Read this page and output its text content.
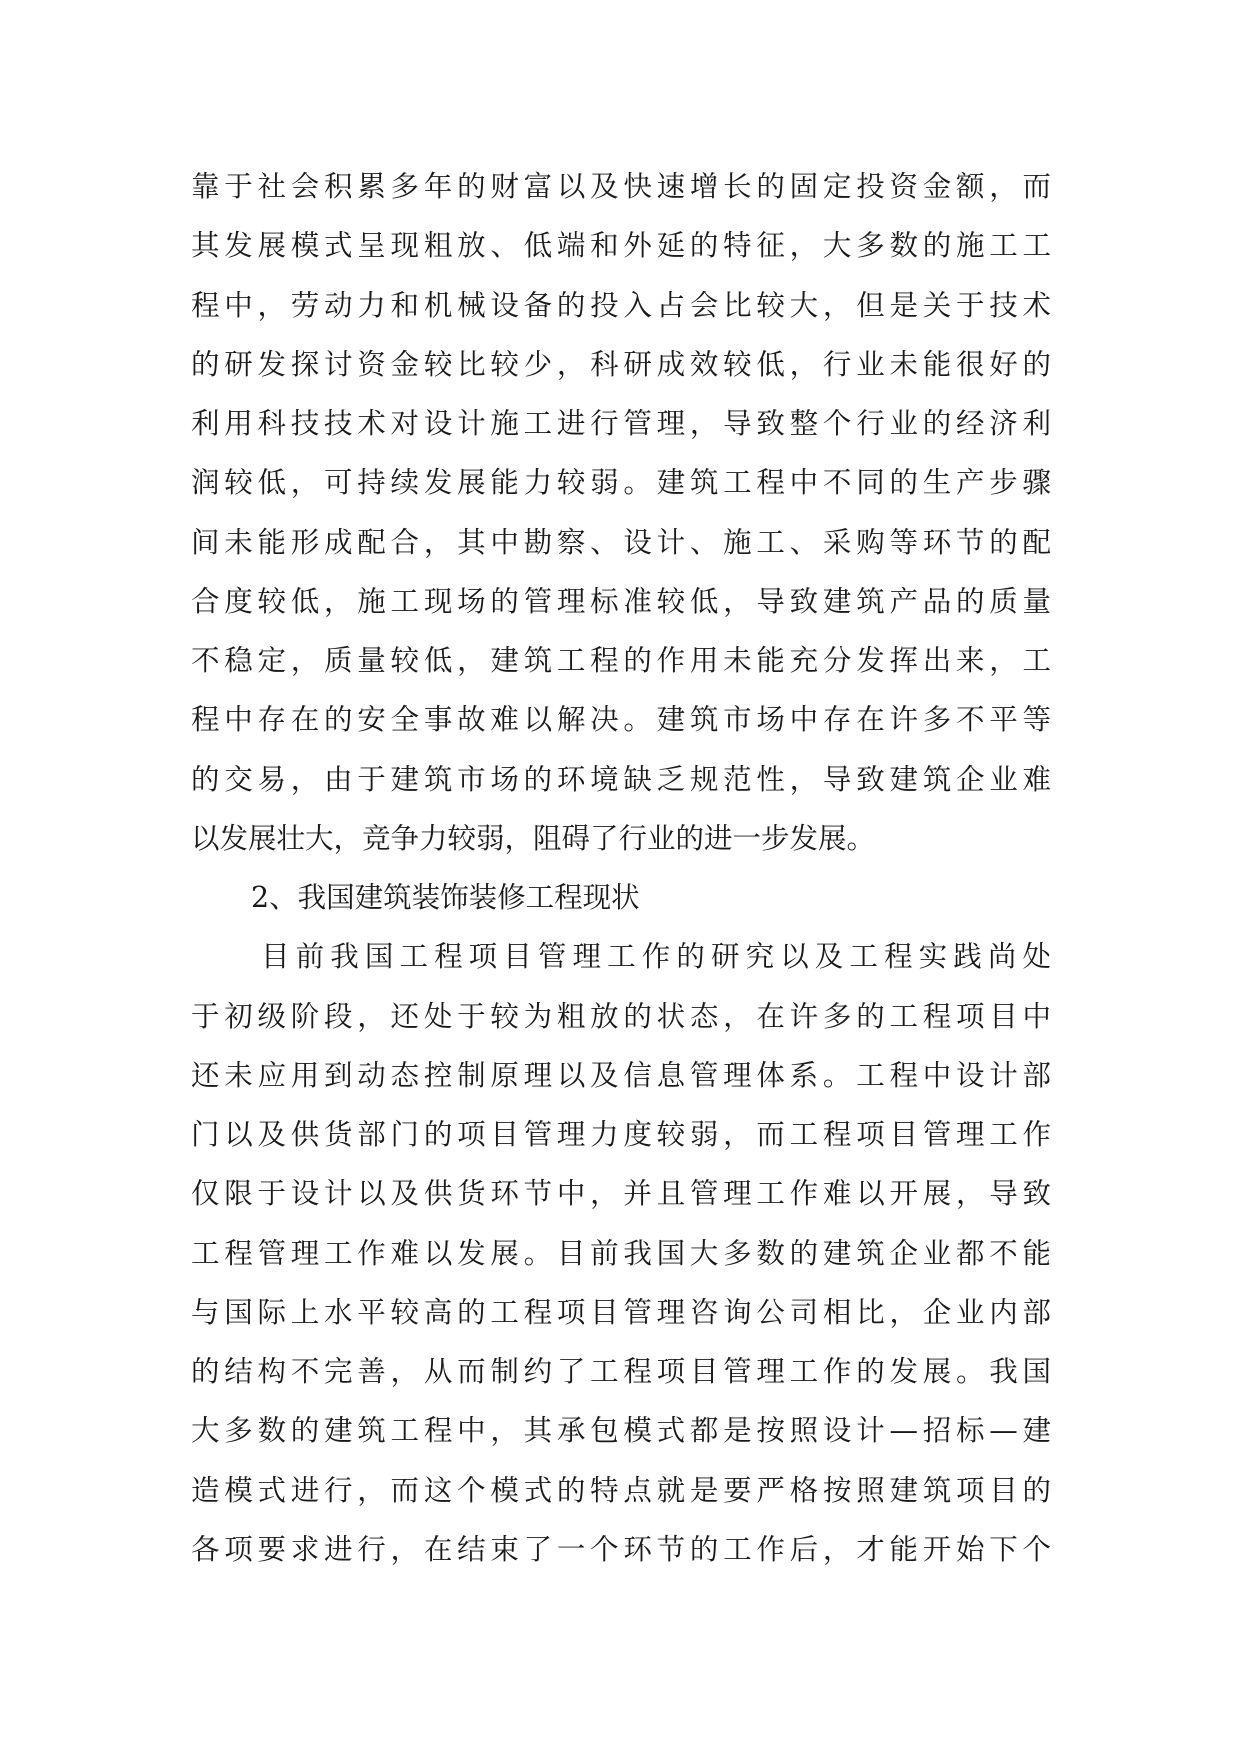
靠于社会积累多年的财富以及快速增长的固定投资金额，而
其发展模式呈现粗放、低端和外延的特征，大多数的施工工
程中，劳动力和机械设备的投入占会比较大，但是关于技术
的研发探讨资金较比较少，科研成效较低，行业未能很好的
利用科技技术对设计施工进行管理，导致整个行业的经济利
润较低，可持续发展能力较弱。建筑工程中不同的生产步骤
间未能形成配合，其中勘察、设计、施工、采购等环节的配
合度较低，施工现场的管理标准较低，导致建筑产品的质量
不稳定，质量较低，建筑工程的作用未能充分发挥出来，工
程中存在的安全事故难以解决。建筑市场中存在许多不平等
的交易，由于建筑市场的环境缺乏规范性，导致建筑企业难
以发展壮大，竞争力较弱，阻碍了行业的进一步发展。
2、我国建筑装饰装修工程现状
目前我国工程项目管理工作的研究以及工程实践尚处
于初级阶段，还处于较为粗放的状态，在许多的工程项目中
还未应用到动态控制原理以及信息管理体系。工程中设计部
门以及供货部门的项目管理力度较弱，而工程项目管理工作
仅限于设计以及供货环节中，并且管理工作难以开展，导致
工程管理工作难以发展。目前我国大多数的建筑企业都不能
与国际上水平较高的工程项目管理咨询公司相比，企业内部
的结构不完善，从而制约了工程项目管理工作的发展。我国
大多数的建筑工程中，其承包模式都是按照设计—招标—建
造模式进行，而这个模式的特点就是要严格按照建筑项目的
各项要求进行，在结束了一个环节的工作后，才能开始下个
